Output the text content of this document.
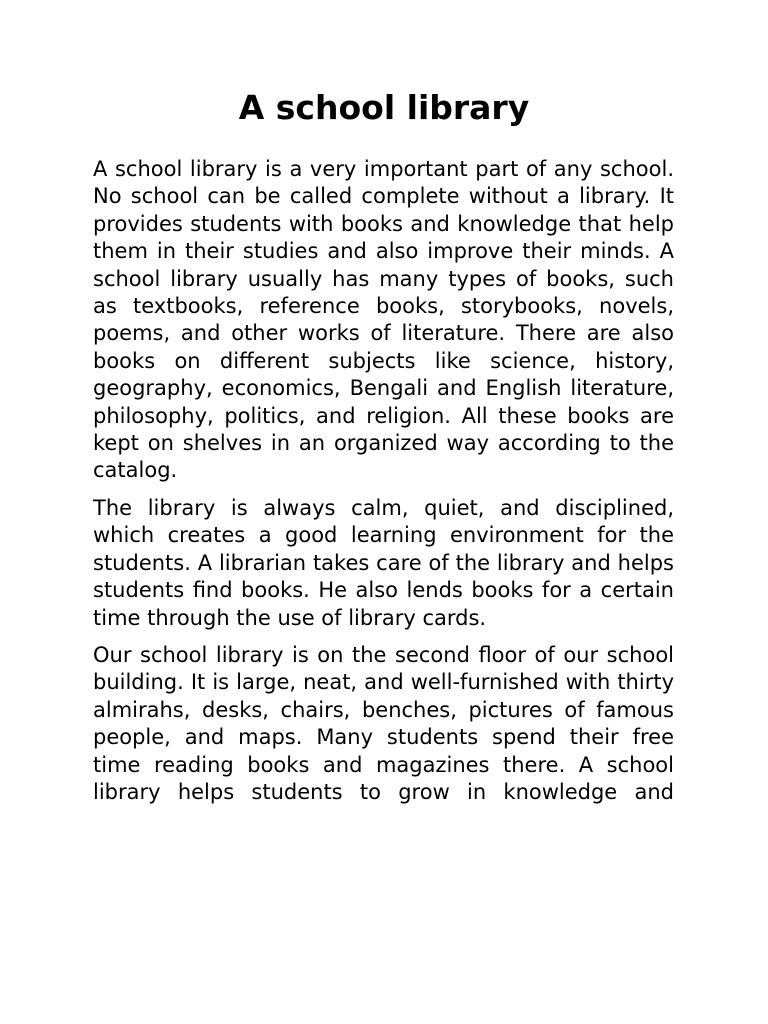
A school library

A school library is a very important part of any school. No school can be called complete without a library. It provides students with books and knowledge that help them in their studies and also improve their minds. A school library usually has many types of books, such as textbooks, reference books, storybooks, novels, poems, and other works of literature. There are also books on different subjects like science, history, geography, economics, Bengali and English literature, philosophy, politics, and religion. All these books are kept on shelves in an organized way according to the catalog.

The library is always calm, quiet, and disciplined, which creates a good learning environment for the students. A librarian takes care of the library and helps students find books. He also lends books for a certain time through the use of library cards.

Our school library is on the second floor of our school building. It is large, neat, and well-furnished with thirty almirahs, desks, chairs, benches, pictures of famous people, and maps. Many students spend their free time reading books and magazines there. A school library helps students to grow in knowledge and
